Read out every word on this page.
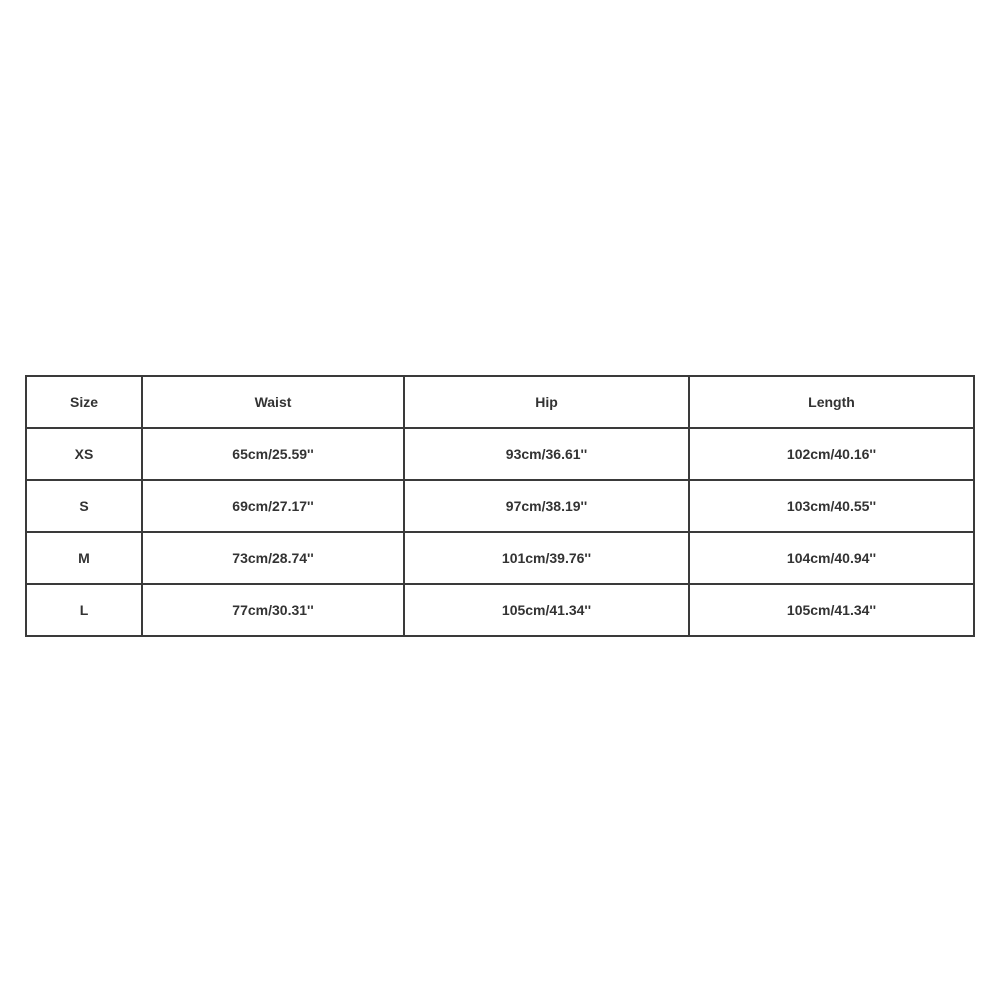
Size	Waist	Hip	Length
XS	65cm/25.59''	93cm/36.61''	102cm/40.16''
S	69cm/27.17''	97cm/38.19''	103cm/40.55''
M	73cm/28.74''	101cm/39.76''	104cm/40.94''
L	77cm/30.31''	105cm/41.34''	105cm/41.34''
